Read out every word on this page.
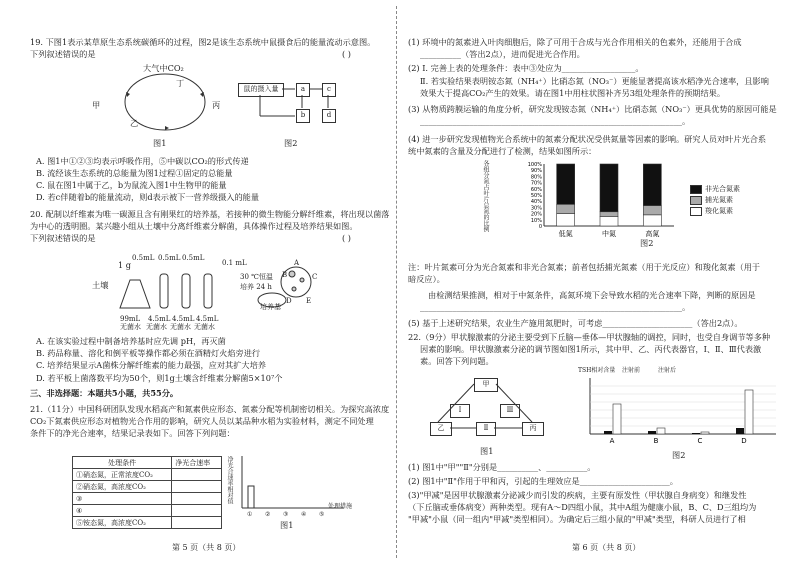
19. 下图1表示某草原生态系统碳循环的过程，图2是该生态系统中鼠摄食后的能量流动示意图。
下列叙述错误的是	( )
大气中CO₂
甲
乙
丙
丁
图1
鼠的摄入量	a
b
c
d
图2
A. 图1中①②③均表示呼吸作用，⑤中碳以CO₂的形式传递
B. 流经该生态系统的总能量为图1过程①固定的总能量
C. 鼠在图1中属于乙，b为鼠流入图1中生物甲的能量
D. 若c伴随着b的能量流动，则d表示被下一营养级摄入的能量
20. 配制以纤维素为唯一碳源且含有刚果红的培养基，若接种的微生物能分解纤维素，将出现以菌落
为中心的透明圈。某兴趣小组从土壤中分离纤维素分解菌，具体操作过程及培养结果如图。
下列叙述错误的是	( )
土壤
1 g
0.5mL 0.5mL 0.5mL
0.1 mL
30 ℃恒温
培养 24 h
培养基
99mL 4.5mL 4.5mL 4.5mL
无菌水 无菌水 无菌水 无菌水
A
B	C
D E
A. 在该实验过程中制备培养基时应先调 pH，再灭菌
B. 药品称量、溶化和倒平板等操作都必须在酒精灯火焰旁进行
C. 培养结果显示A菌株分解纤维素的能力最强，应对其扩大培养
D. 若平板上菌落数平均为50个，则1g土壤含纤维素分解菌5×10⁷个
三、非选择题：本题共5小题，共55分。
21.（11分）中国科研团队发现水稻高产和氮素供应形态、氮素分配等机制密切相关。为探究高浓度
CO₂下氮素供应形态对植物光合作用的影响，研究人员以某品种水稻为实验材料，测定不同处理
条件下的净光合速率，结果记录表如下。回答下列问题：
处理条件	净光合速率
①硝态氮，正常浓度CO₂	
②硝态氮，高浓度CO₂	
③	
④	
⑤铵态氮，高浓度CO₂	
净光合速率相对值
① ② ③ ④ ⑤
处理措施
图1
第 5 页（共 8 页）
(1) 环境中的氮素进入叶肉细胞后，除了可用于合成与光合作用相关的色素外，还能用于合成
__________（答出2点），进而促进光合作用。
(2) Ⅰ. 完善上表的处理条件：表中③处应为__________________。
Ⅱ. 若实验结果表明铵态氮（NH₄⁺）比硝态氮（NO₃⁻）更能显著提高该水稻净光合速率，且影响
效果大于提高CO₂产生的效果。请在图1中用柱状图补齐另3组处理条件的预期结果。
(3) 从物质跨膜运输的角度分析，研究发现铵态氮（NH₄⁺）比硝态氮（NO₃⁻）更具优势的原因可能是
________________________________________________________________。
(4) 进一步研究发现植物光合系统中的氮素分配状况受供氮量等因素的影响。研究人员对叶片光合系
统中氮素的含量及分配进行了检测，结果如图所示：
0
10%
20%
30%
40%
50%
60%
70%
80%
90%
100%
低氮	中氮	高氮
各组分氮占叶片总氮的比例
图2
非光合氮素
捕光氮素
羧化氮素
注：叶片氮素可分为光合氮素和非光合氮素；前者包括捕光氮素（用于光反应）和羧化氮素（用于
暗反应）。
由检测结果推测，相对于中氮条件，高氮环境下会导致水稻的光合速率下降，判断的原因是
________________________________________________________________。
(5) 基于上述研究结果，农业生产施用氮肥时，可考虑______________________（答出2点）。
22.（9分）甲状腺激素的分泌主要受到下丘脑—垂体—甲状腺轴的调控，同时，也受自身调节等多种
因素的影响。甲状腺激素分泌的调节图如图1所示，其中甲、乙、丙代表器官，Ⅰ、Ⅱ、Ⅲ代表激
素。回答下列问题。
甲
Ⅰ	Ⅲ
乙	Ⅱ	丙
图1
A	B	C	D
TSH相对含量 注射前	注射后
图2
(1) 图1中"甲""Ⅱ"分别是__________、__________。
(2) 图1中"Ⅱ"作用于甲和丙，引起的生理效应是______________________。
(3)"甲减"是因甲状腺激素分泌减少而引发的疾病，主要有原发性（甲状腺自身病变）和继发性
（下丘脑或垂体病变）两种类型。现有A～D四组小鼠，其中A组为健康小鼠，B、C、D三组均为
"甲减"小鼠（同一组内"甲减"类型相同）。为确定后三组小鼠的"甲减"类型，科研人员进行了相
第 6 页（共 8 页）
